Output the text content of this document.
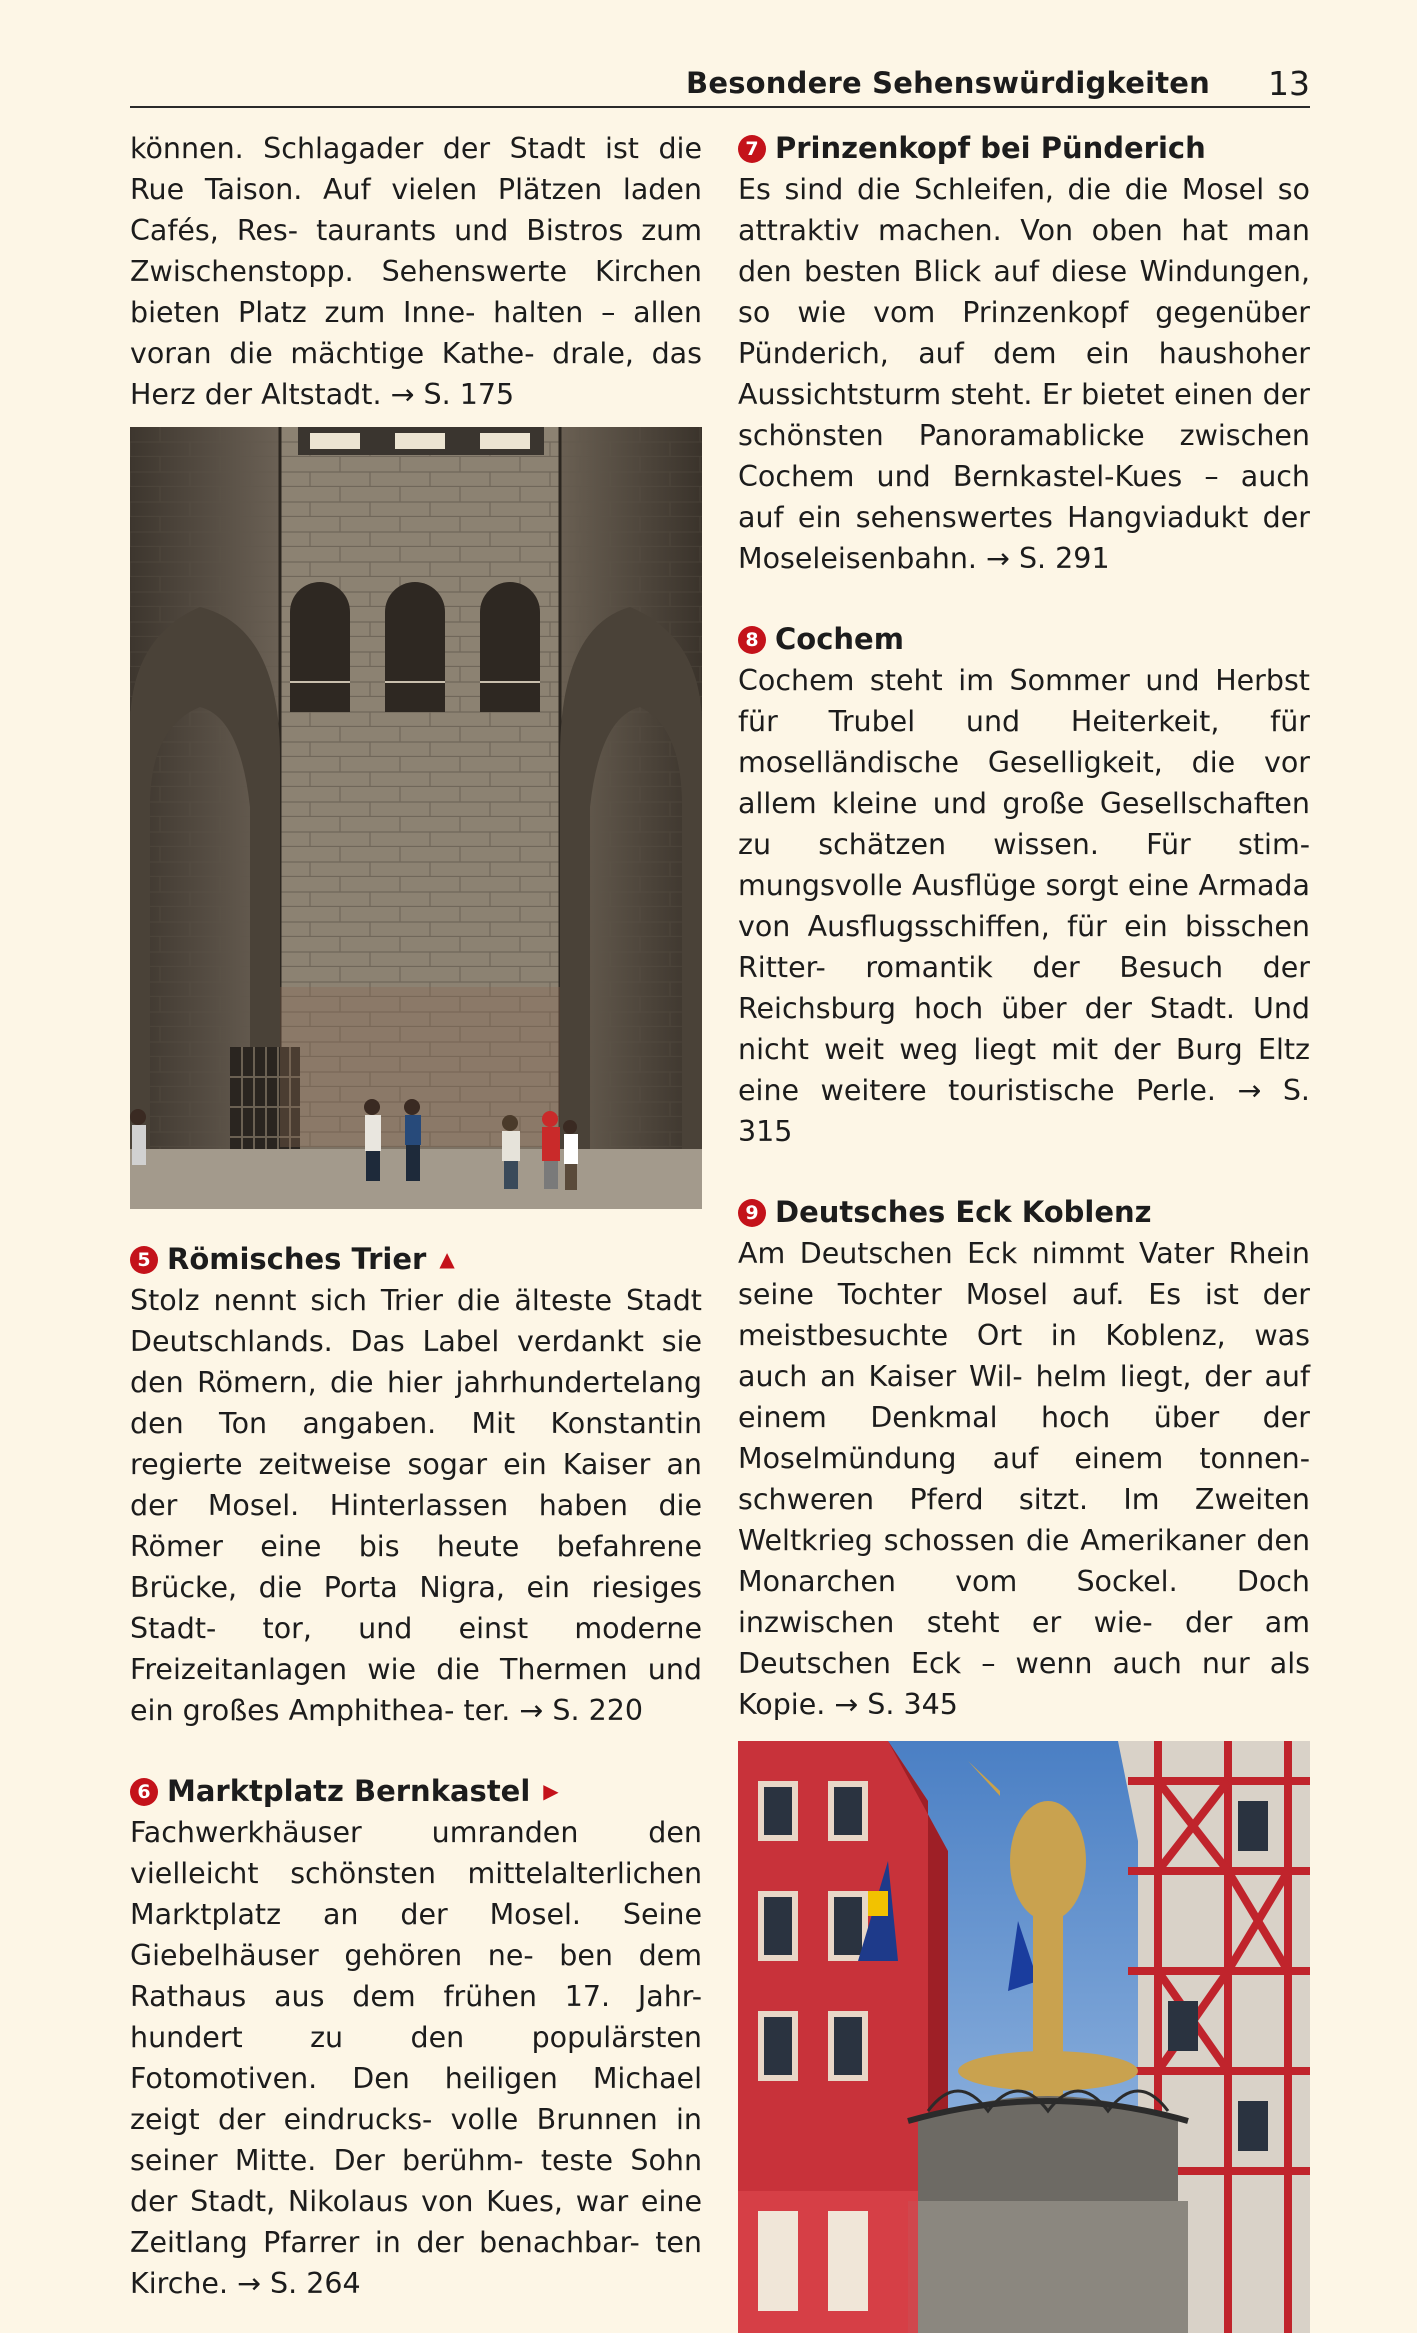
Besondere Sehenswürdigkeiten 13

können. Schlagader der Stadt ist die Rue Taison. Auf vielen Plätzen laden Cafés, Res- taurants und Bistros zum Zwischenstopp. Sehenswerte Kirchen bieten Platz zum Inne- halten – allen voran die mächtige Kathe- drale, das Herz der Altstadt. → S. 175

5 Römisches Trier ▲

Stolz nennt sich Trier die älteste Stadt Deutschlands. Das Label verdankt sie den Römern, die hier jahrhundertelang den Ton angaben. Mit Konstantin regierte zeitweise sogar ein Kaiser an der Mosel. Hinterlassen haben die Römer eine bis heute befahrene Brücke, die Porta Nigra, ein riesiges Stadt- tor, und einst moderne Freizeitanlagen wie die Thermen und ein großes Amphithea- ter. → S. 220

6 Marktplatz Bernkastel ▶

Fachwerkhäuser umranden den vielleicht schönsten mittelalterlichen Marktplatz an der Mosel. Seine Giebelhäuser gehören ne- ben dem Rathaus aus dem frühen 17. Jahr- hundert zu den populärsten Fotomotiven. Den heiligen Michael zeigt der eindrucks- volle Brunnen in seiner Mitte. Der berühm- teste Sohn der Stadt, Nikolaus von Kues, war eine Zeitlang Pfarrer in der benachbar- ten Kirche. → S. 264

7 Prinzenkopf bei Pünderich

Es sind die Schleifen, die die Mosel so attraktiv machen. Von oben hat man den besten Blick auf diese Windungen, so wie vom Prinzenkopf gegenüber Pünderich, auf dem ein haushoher Aussichtsturm steht. Er bietet einen der schönsten Panoramablicke zwischen Cochem und Bernkastel-Kues – auch auf ein sehenswertes Hangviadukt der Moseleisenbahn. → S. 291

8 Cochem

Cochem steht im Sommer und Herbst für Trubel und Heiterkeit, für moselländische Geselligkeit, die vor allem kleine und große Gesellschaften zu schätzen wissen. Für stim- mungsvolle Ausflüge sorgt eine Armada von Ausflugsschiffen, für ein bisschen Ritter- romantik der Besuch der Reichsburg hoch über der Stadt. Und nicht weit weg liegt mit der Burg Eltz eine weitere touristische Perle. → S. 315

9 Deutsches Eck Koblenz

Am Deutschen Eck nimmt Vater Rhein seine Tochter Mosel auf. Es ist der meistbesuchte Ort in Koblenz, was auch an Kaiser Wil- helm liegt, der auf einem Denkmal hoch über der Moselmündung auf einem tonnen- schweren Pferd sitzt. Im Zweiten Weltkrieg schossen die Amerikaner den Monarchen vom Sockel. Doch inzwischen steht er wie- der am Deutschen Eck – wenn auch nur als Kopie. → S. 345
